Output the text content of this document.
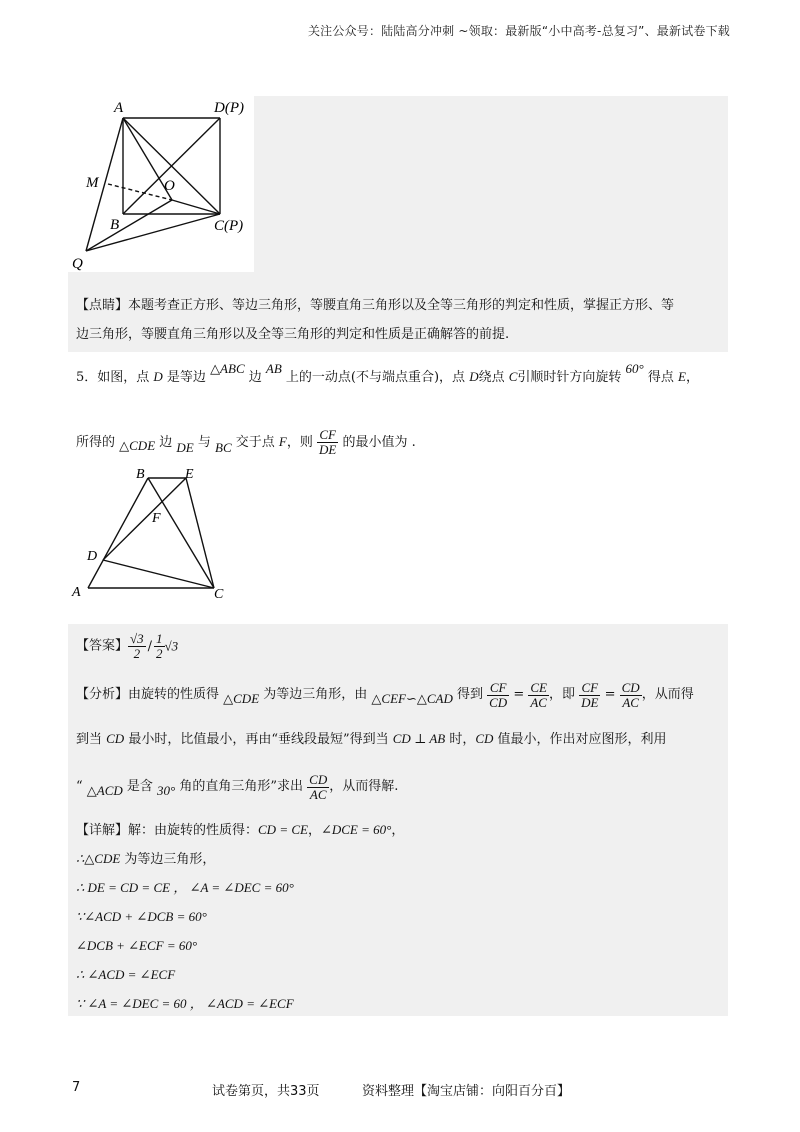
关注公众号：陆陆高分冲刺 ~领取：最新版“小中高考-总复习”、最新试卷下载
A	D(P)
M	O
B	C(P)
Q
【点睛】本题考查正方形、等边三角形，等腰直角三角形以及全等三角形的判定和性质，掌握正方形、等
边三角形，等腰直角三角形以及全等三角形的判定和性质是正确解答的前提.
5．如图，点 D 是等边 △ABC 边 AB 上的一动点(不与端点重合)，点 D绕点 C引顺时针方向旋转 60° 得点 E，
所得的 △CDE 边 DE 与 BC 交于点 F，则 $\frac{CF}{DE}$ 的最小值为 .
B	E
F
D
A	C
【答案】 $\frac{√3}{2} / \frac{1}{2} √3$
【分析】由旋转的性质得 △CDE 为等边三角形，由 △CEF∽△CAD 得到 $\frac{CF}{CD} = \frac{CE}{AC}$ ，即 $\frac{CF}{DE} = \frac{CD}{AC}$ ，从而得
到当 CD 最小时，比值最小，再由“垂线段最短”得到当 CD ⊥ AB 时，CD 值最小，作出对应图形，利用
“ △ACD 是含 30° 角的直角三角形”求出 $\frac{CD}{AC}$ ，从而得解.
【详解】解：由旋转的性质得：CD = CE，∠DCE = 60°，
∴△CDE 为等边三角形，
∴ DE = CD = CE ， ∠A = ∠DEC = 60°
∵∠ACD + ∠DCB = 60°
∠DCB + ∠ECF = 60°
∴ ∠ACD = ∠ECF
∵ ∠A = ∠DEC = 60 ， ∠ACD = ∠ECF
7	试卷第页，共33页	资料整理【淘宝店铺：向阳百分百】
